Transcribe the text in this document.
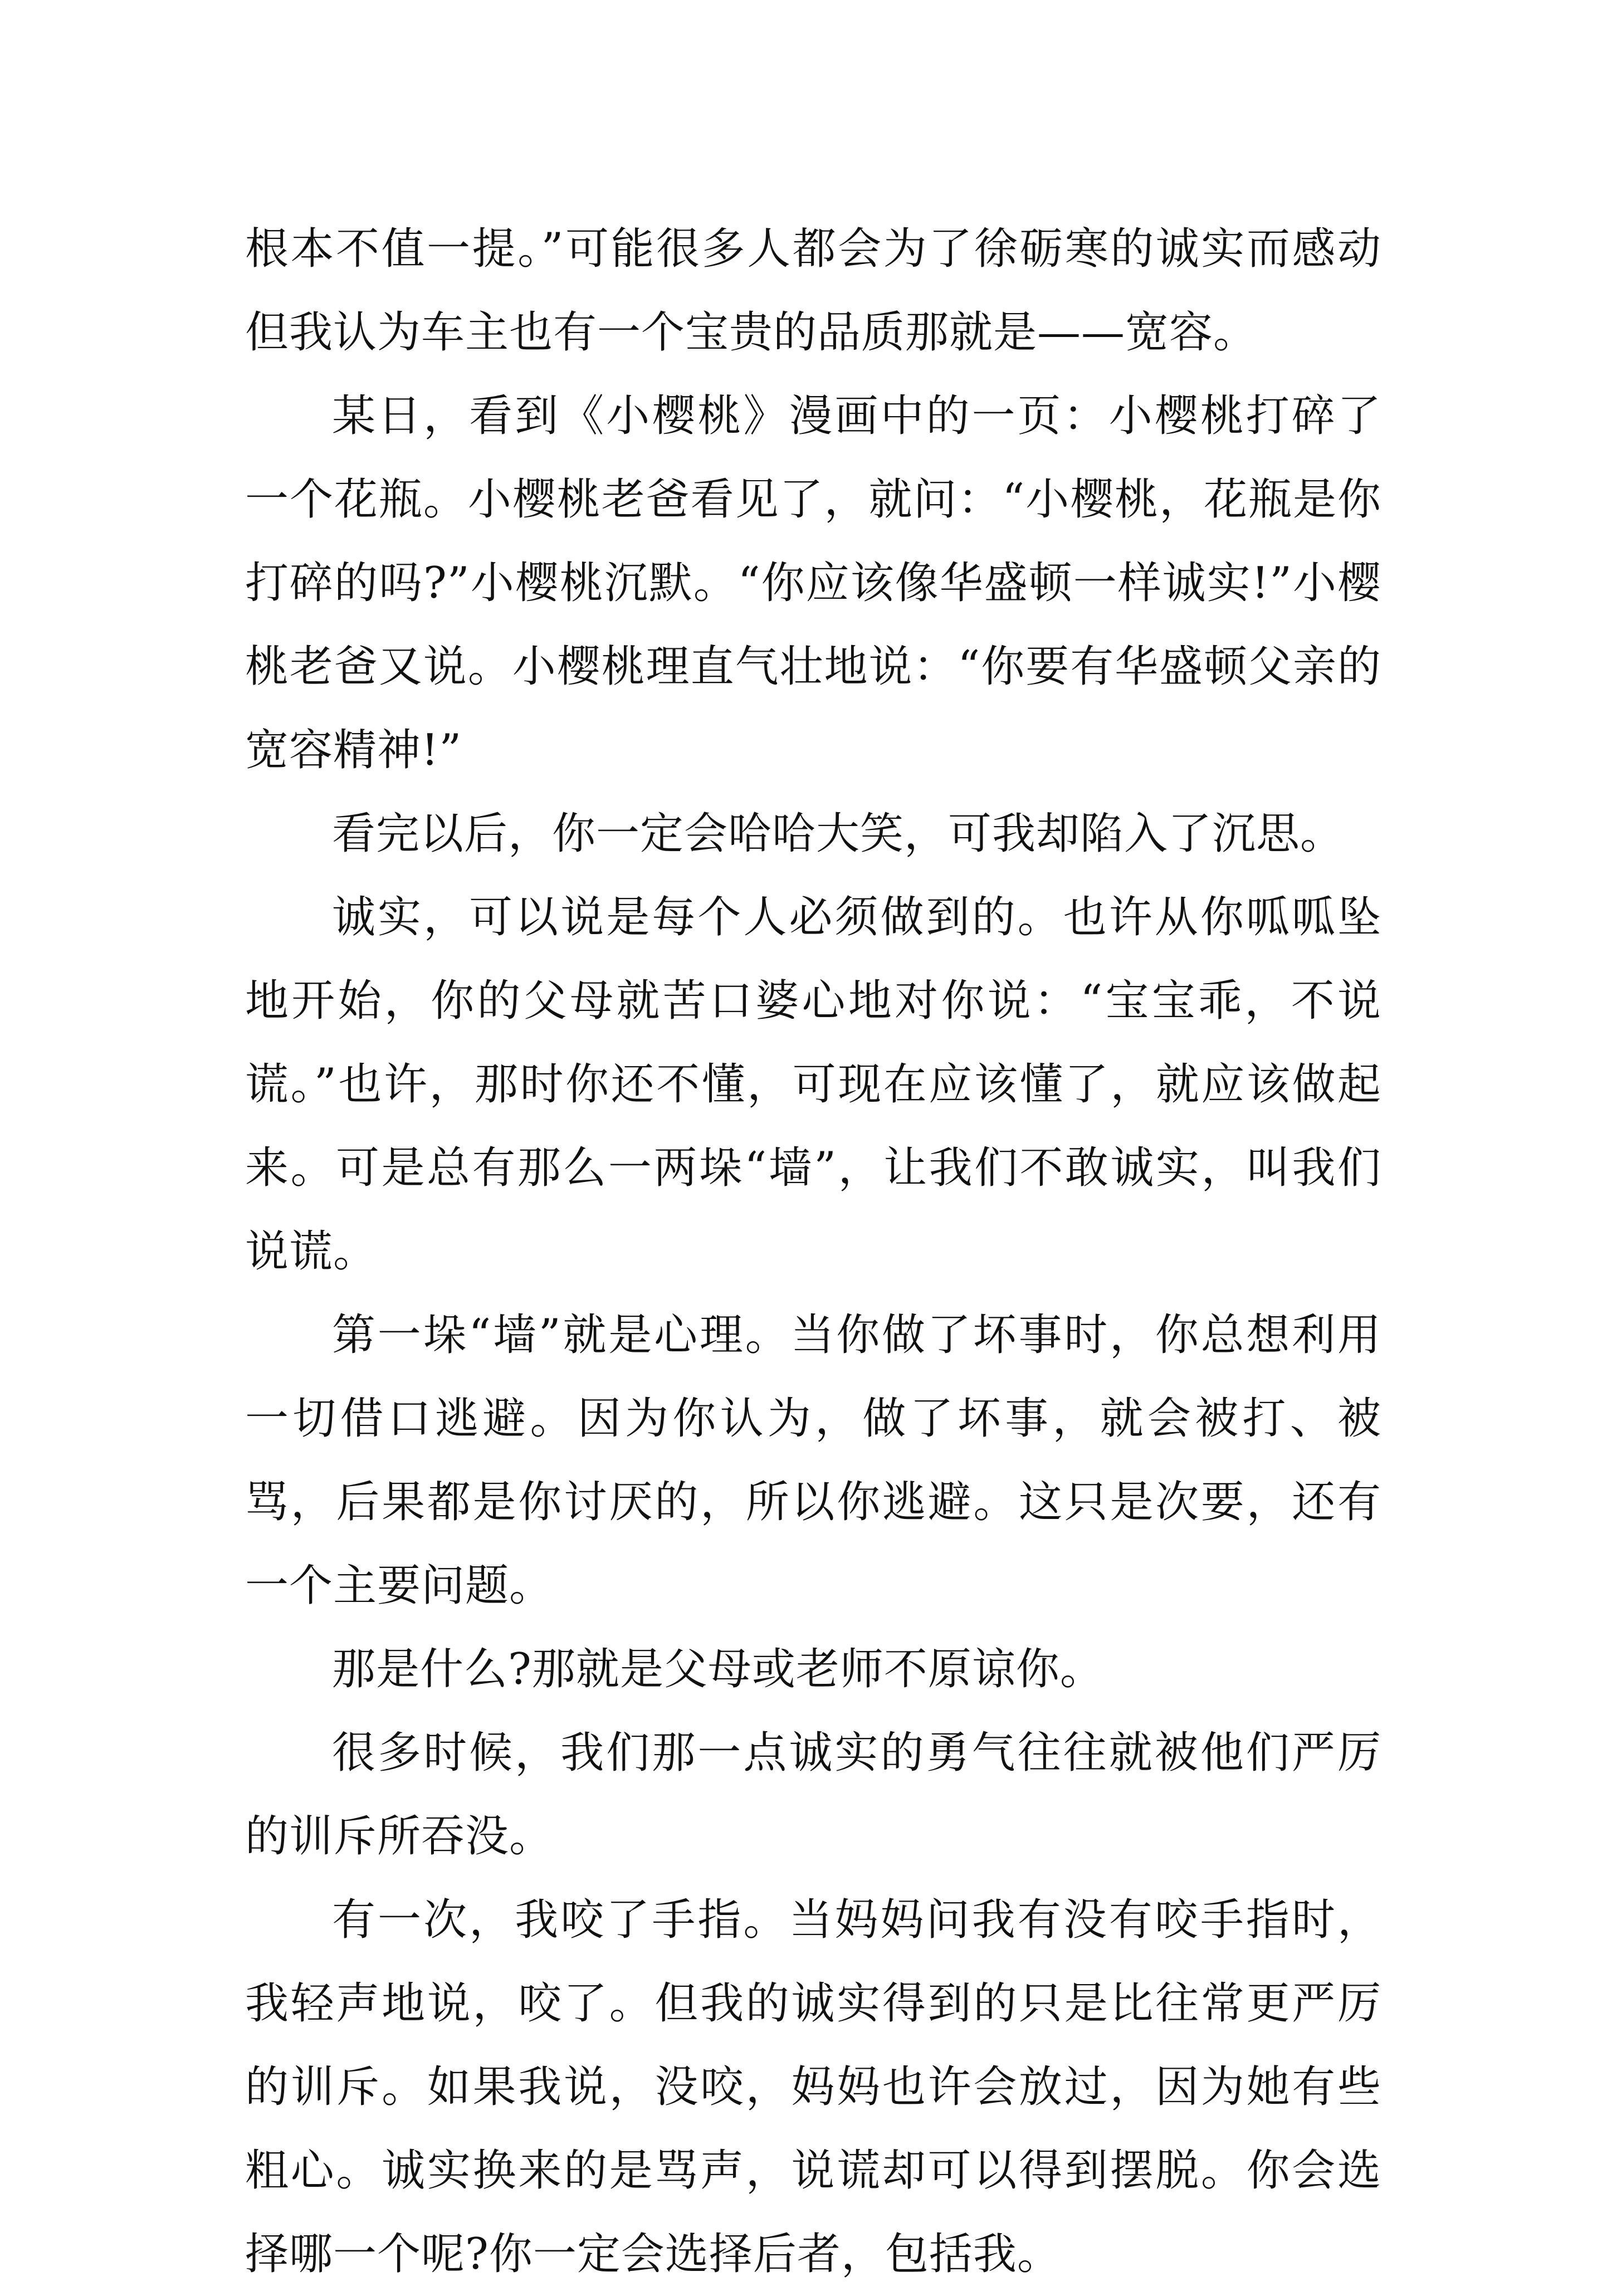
根本不值一提。”可能很多人都会为了徐砺寒的诚实而感动但我认为车主也有一个宝贵的品质那就是——宽容。

某日，看到《小樱桃》漫画中的一页：小樱桃打碎了一个花瓶。小樱桃老爸看见了，就问：“小樱桃，花瓶是你打碎的吗?”小樱桃沉默。“你应该像华盛顿一样诚实!”小樱桃老爸又说。小樱桃理直气壮地说：“你要有华盛顿父亲的宽容精神!”

看完以后，你一定会哈哈大笑，可我却陷入了沉思。

诚实，可以说是每个人必须做到的。也许从你呱呱坠地开始，你的父母就苦口婆心地对你说：“宝宝乖，不说谎。”也许，那时你还不懂，可现在应该懂了，就应该做起来。可是总有那么一两垛“墙”，让我们不敢诚实，叫我们说谎。

第一垛“墙”就是心理。当你做了坏事时，你总想利用一切借口逃避。因为你认为，做了坏事，就会被打、被骂，后果都是你讨厌的，所以你逃避。这只是次要，还有一个主要问题。

那是什么?那就是父母或老师不原谅你。

很多时候，我们那一点诚实的勇气往往就被他们严厉的训斥所吞没。

有一次，我咬了手指。当妈妈问我有没有咬手指时，我轻声地说，咬了。但我的诚实得到的只是比往常更严厉的训斥。如果我说，没咬，妈妈也许会放过，因为她有些粗心。诚实换来的是骂声，说谎却可以得到摆脱。你会选择哪一个呢?你一定会选择后者，包括我。
